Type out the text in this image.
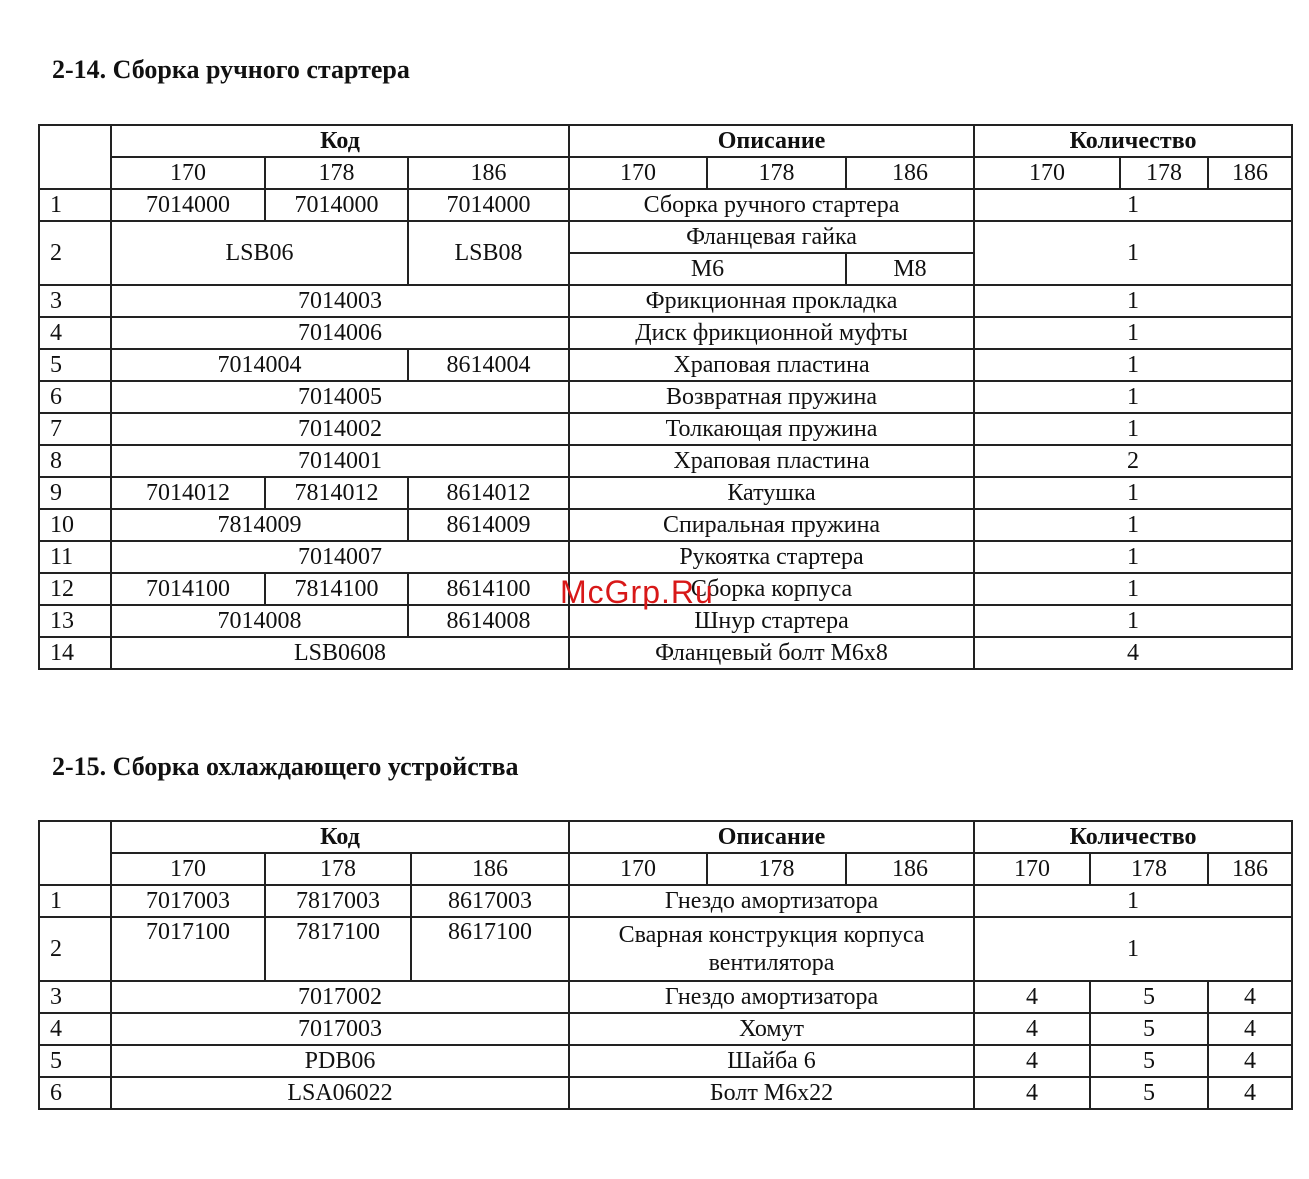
2-14. Сборка ручного стартера
	Код			Описание			Количество		
	170	178	186	170	178	186	170	178	186
1	7014000	7014000	7014000	Сборка ручного стартера			1		
2	LSB06		LSB08	Фланцевая гайка			1		
				M6		M8			
3	7014003			Фрикционная прокладка			1		
4	7014006			Диск фрикционной муфты			1		
5	7014004		8614004	Храповая пластина			1		
6	7014005			Возвратная пружина			1		
7	7014002			Толкающая пружина			1		
8	7014001			Храповая пластина			2		
9	7014012	7814012	8614012	Катушка			1		
10	7814009		8614009	Спиральная пружина			1		
11	7014007			Рукоятка стартера			1		
12	7014100	7814100	8614100	Сборка корпуса			1		
13	7014008		8614008	Шнур стартера			1		
14	LSB0608			Фланцевый болт M6x8			4		
2-15. Сборка охлаждающего устройства
	Код			Описание			Количество		
	170	178	186	170	178	186	170	178	186
1	7017003	7817003	8617003	Гнездо амортизатора			1		
2	7017100	7817100	8617100	Сварная конструкция корпуса
вентилятора			1		
3	7017002			Гнездо амортизатора			4	5	4
4	7017003			Хомут			4	5	4
5	PDB06			Шайба 6			4	5	4
6	LSA06022			Болт M6x22			4	5	4
McGrp.Ru
